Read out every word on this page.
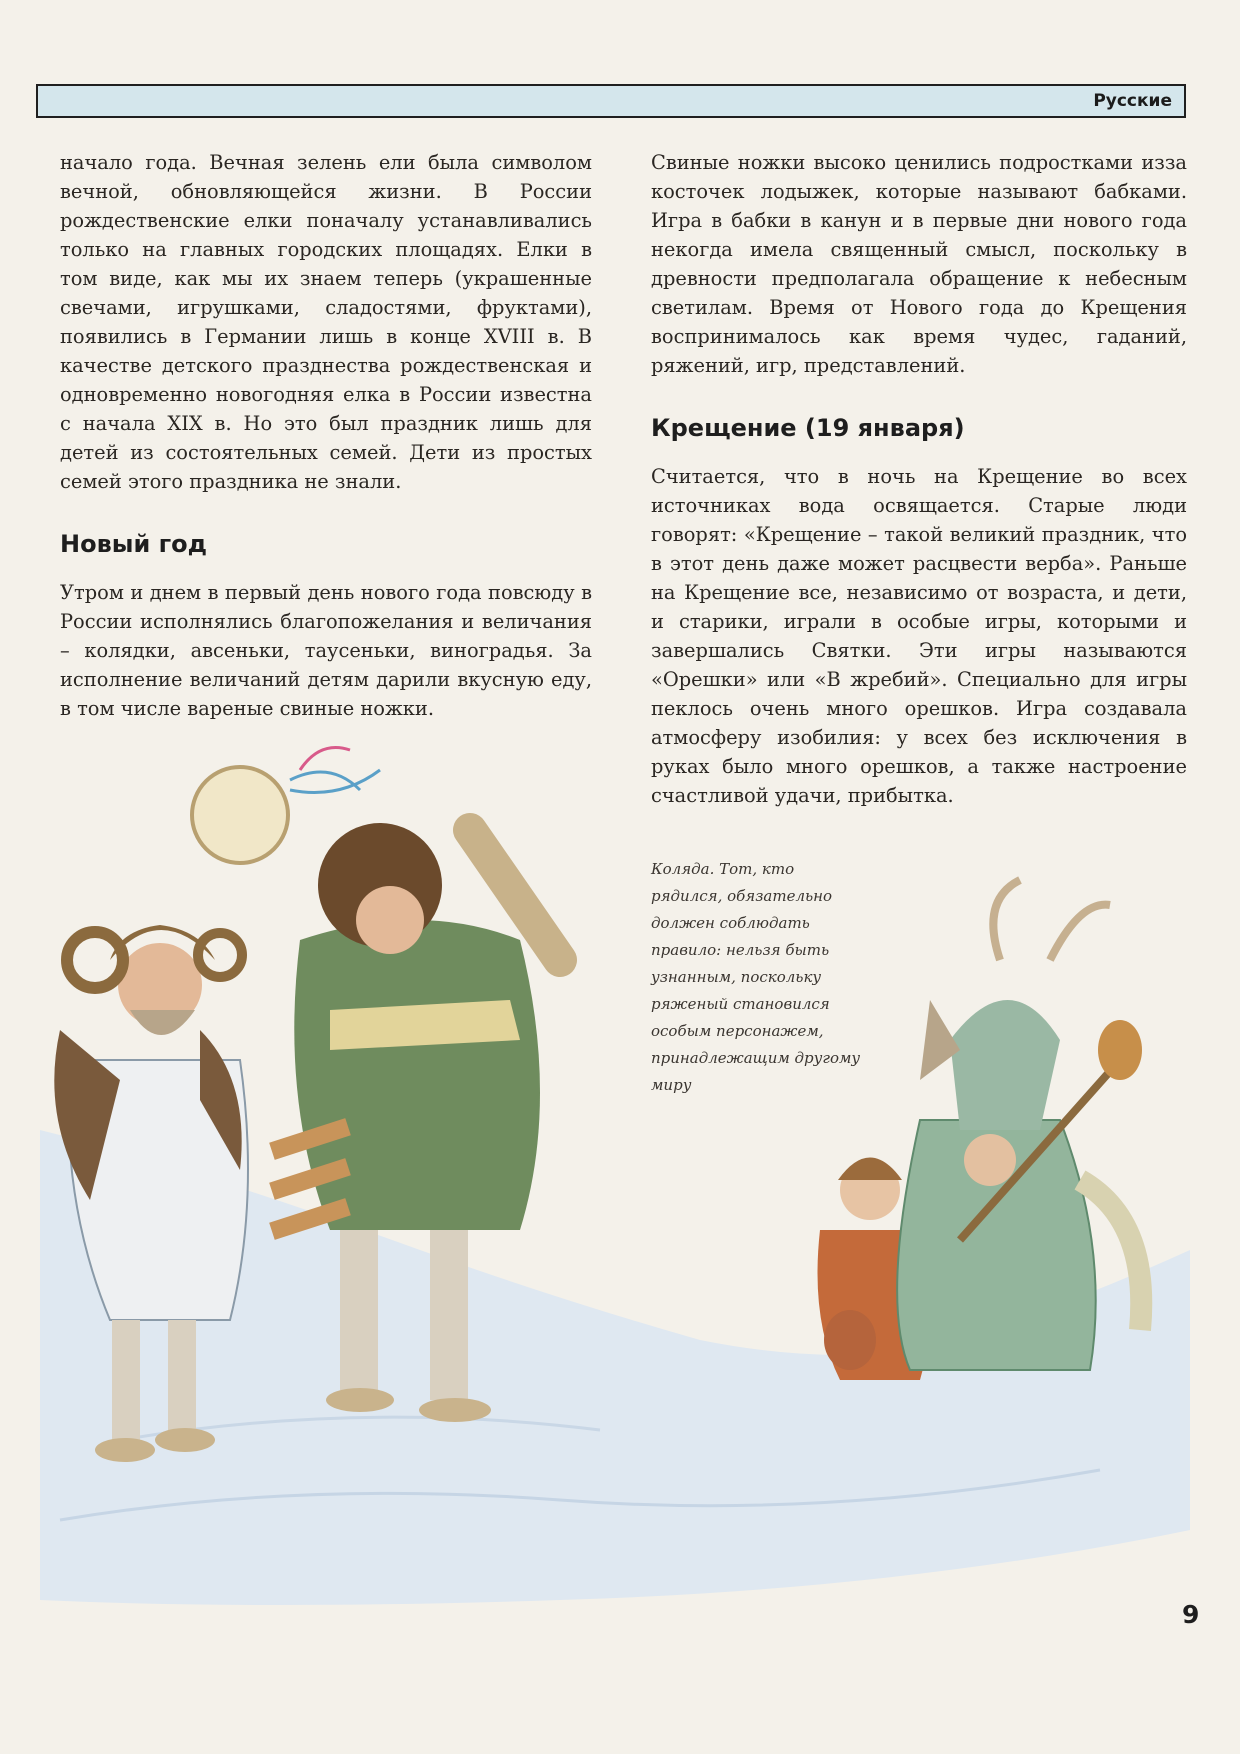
Русские

начало года. Вечная зелень ели была символом вечной, обновляющейся жизни. В России рождественские елки поначалу устанавливались только на главных городских площадях. Елки в том виде, как мы их знаем теперь (украшенные свечами, игрушками, сладостями, фруктами), появились в Германии лишь в конце XVIII в. В качестве детского празднества рождественская и одновременно новогодняя елка в России известна с начала XIX в. Но это был праздник лишь для детей из состоятельных семей. Дети из простых семей этого праздника не знали.

Новый год

Утром и днем в первый день нового года повсюду в России исполнялись благопожелания и величания – колядки, авсеньки, таусеньки, виноградья. За исполнение величаний детям дарили вкусную еду, в том числе вареные свиные ножки.

Свиные ножки высоко ценились подростками изза косточек лодыжек, которые называют бабками. Игра в бабки в канун и в первые дни нового года некогда имела священный смысл, поскольку в древности предполагала обращение к небесным светилам. Время от Нового года до Крещения воспринималось как время чудес, гаданий, ряжений, игр, представлений.

Крещение (19 января)

Считается, что в ночь на Крещение во всех источниках вода освящается. Старые люди говорят: «Крещение – такой великий праздник, что в этот день даже может расцвести верба». Раньше на Крещение все, независимо от возраста, и дети, и старики, играли в особые игры, которыми и завершались Святки. Эти игры называются «Орешки» или «В жребий». Специально для игры пеклось очень много орешков. Игра создавала атмосферу изобилия: у всех без исключения в руках было много орешков, а также настроение счастливой удачи, прибытка.

Коляда. Тот, кто рядился, обязательно должен соблюдать правило: нельзя быть узнанным, поскольку ряженый становился особым персонажем, принадлежащим другому миру
9
